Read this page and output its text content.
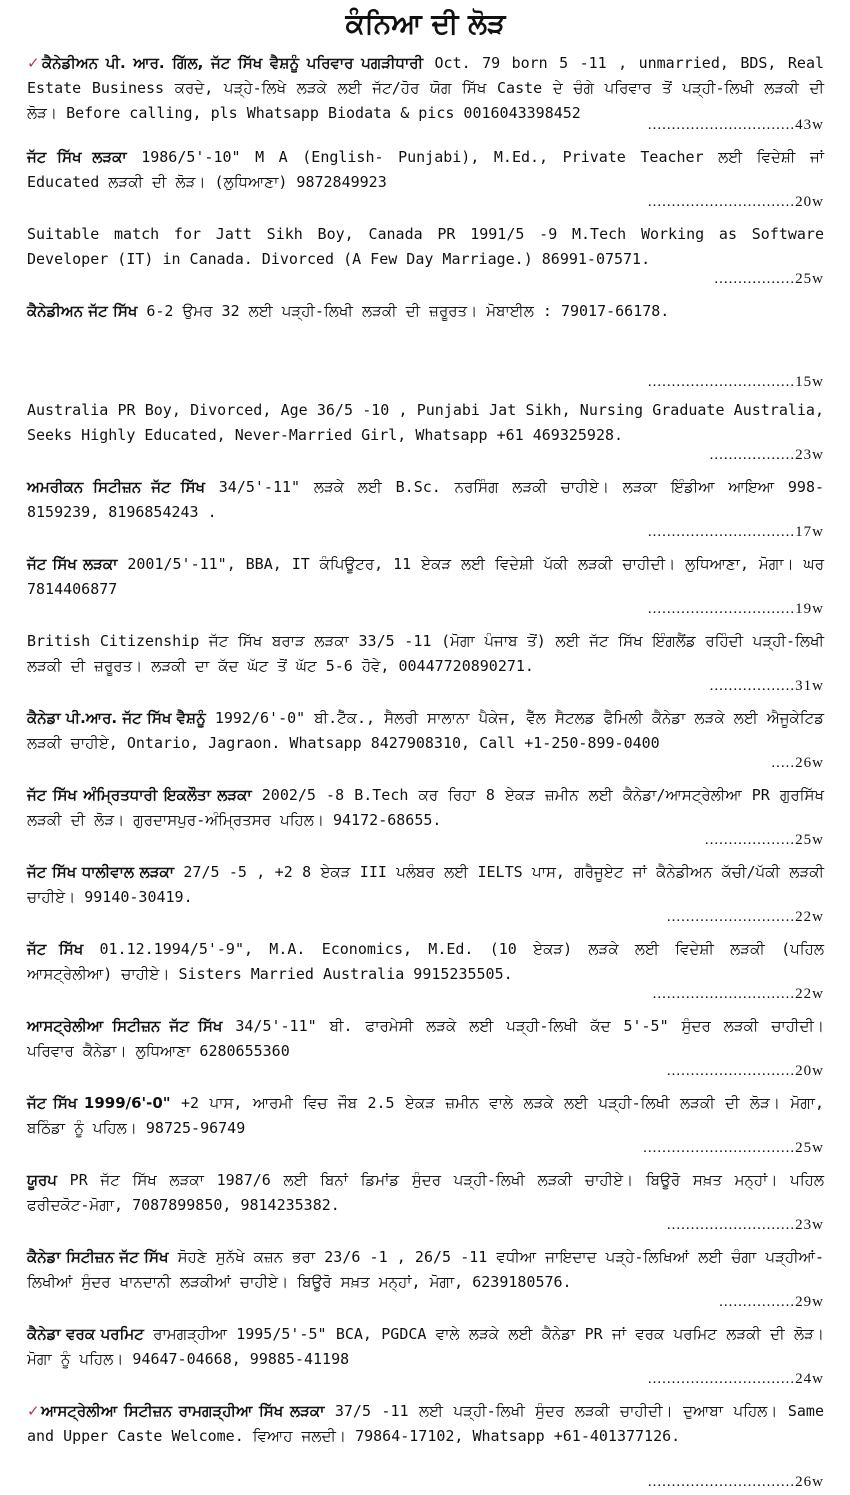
ਕੰਨਿਆ ਦੀ ਲੋੜ

✓ਕੈਨੇਡੀਅਨ ਪੀ. ਆਰ. ਗਿੱਲ, ਜੱਟ ਸਿੱਖ ਵੈਸ਼ਨੂੰ ਪਰਿਵਾਰ ਪਗੜੀਧਾਰੀ Oct. 79 born 5 -11 , unmarried, BDS, Real Estate Business ਕਰਦੇ, ਪੜ੍ਹੇ-ਲਿਖੇ ਲੜਕੇ ਲਈ ਜੱਟ/ਹੋਰ ਯੋਗ ਸਿੱਖ Caste ਦੇ ਚੰਗੇ ਪਰਿਵਾਰ ਤੋਂ ਪੜ੍ਹੀ-ਲਿਖੀ ਲੜਕੀ ਦੀ ਲੋੜ। Before calling, pls Whatsapp Biodata & pics 0016043398452

...............................43w

ਜੱਟ ਸਿੱਖ ਲੜਕਾ 1986/5'-10" M A (English- Punjabi), M.Ed., Private Teacher ਲਈ ਵਿਦੇਸ਼ੀ ਜਾਂ Educated ਲੜਕੀ ਦੀ ਲੋੜ। (ਲੁਧਿਆਣਾ) 9872849923

...............................20w

Suitable match for Jatt Sikh Boy, Canada PR 1991/5 -9 M.Tech Working as Software Developer (IT) in Canada. Divorced (A Few Day Marriage.) 86991-07571.

.................25w

ਕੈਨੇਡੀਅਨ ਜੱਟ ਸਿੱਖ 6-2 ਉਮਰ 32 ਲਈ ਪੜ੍ਹੀ-ਲਿਖੀ ਲੜਕੀ ਦੀ ਜ਼ਰੂਰਤ। ਮੋਬਾਈਲ : 79017-66178.

...............................15w

Australia PR Boy, Divorced, Age 36/5 -10 , Punjabi Jat Sikh, Nursing Graduate Australia, Seeks Highly Educated, Never-Married Girl, Whatsapp +61 469325928.

..................23w

ਅਮਰੀਕਨ ਸਿਟੀਜ਼ਨ ਜੱਟ ਸਿੱਖ 34/5'-11" ਲੜਕੇ ਲਈ B.Sc. ਨਰਸਿੰਗ ਲੜਕੀ ਚਾਹੀਏ। ਲੜਕਾ ਇੰਡੀਆ ਆਇਆ 998-8159239, 8196854243 .

...............................17w

ਜੱਟ ਸਿੱਖ ਲੜਕਾ 2001/5'-11", BBA, IT ਕੰਪਿਊਟਰ, 11 ਏਕੜ ਲਈ ਵਿਦੇਸ਼ੀ ਪੱਕੀ ਲੜਕੀ ਚਾਹੀਦੀ। ਲੁਧਿਆਣਾ, ਮੋਗਾ। ਘਰ 7814406877

...............................19w

British Citizenship ਜੱਟ ਸਿੱਖ ਬਰਾੜ ਲੜਕਾ 33/5 -11 (ਮੋਗਾ ਪੰਜਾਬ ਤੋਂ) ਲਈ ਜੱਟ ਸਿੱਖ ਇੰਗਲੈਂਡ ਰਹਿੰਦੀ ਪੜ੍ਹੀ-ਲਿਖੀ ਲੜਕੀ ਦੀ ਜ਼ਰੂਰਤ। ਲੜਕੀ ਦਾ ਕੱਦ ਘੱਟ ਤੋਂ ਘੱਟ 5-6 ਹੋਵੇ, 00447720890271.

..................31w

ਕੈਨੇਡਾ ਪੀ.ਆਰ. ਜੱਟ ਸਿੱਖ ਵੈਸ਼ਨੂੰ 1992/6'-0" ਬੀ.ਟੈੱਕ., ਸੈਲਰੀ ਸਾਲਾਨਾ ਪੈਕੇਜ, ਵੈੱਲ ਸੈਟਲਡ ਫੈਮਿਲੀ ਕੈਨੇਡਾ ਲੜਕੇ ਲਈ ਐਜੂਕੇਟਿਡ ਲੜਕੀ ਚਾਹੀਏ, Ontario, Jagraon. Whatsapp 8427908310, Call +1-250-899-0400

.....26w

ਜੱਟ ਸਿੱਖ ਅੰਮ੍ਰਿਤਧਾਰੀ ਇਕਲੌਤਾ ਲੜਕਾ 2002/5 -8 B.Tech ਕਰ ਰਿਹਾ 8 ਏਕੜ ਜ਼ਮੀਨ ਲਈ ਕੈਨੇਡਾ/ਆਸਟ੍ਰੇਲੀਆ PR ਗੁਰਸਿੱਖ ਲੜਕੀ ਦੀ ਲੋੜ। ਗੁਰਦਾਸਪੁਰ-ਅੰਮ੍ਰਿਤਸਰ ਪਹਿਲ। 94172-68655.

...................25w

ਜੱਟ ਸਿੱਖ ਧਾਲੀਵਾਲ ਲੜਕਾ 27/5 -5 , +2 8 ਏਕੜ III ਪਲੰਬਰ ਲਈ IELTS ਪਾਸ, ਗਰੈਜੂਏਟ ਜਾਂ ਕੈਨੇਡੀਅਨ ਕੱਚੀ/ਪੱਕੀ ਲੜਕੀ ਚਾਹੀਏ। 99140-30419.

...........................22w

ਜੱਟ ਸਿੱਖ 01.12.1994/5'-9", M.A. Economics, M.Ed. (10 ਏਕੜ) ਲੜਕੇ ਲਈ ਵਿਦੇਸ਼ੀ ਲੜਕੀ (ਪਹਿਲ ਆਸਟ੍ਰੇਲੀਆ) ਚਾਹੀਏ। Sisters Married Australia 9915235505.

..............................22w

ਆਸਟ੍ਰੇਲੀਆ ਸਿਟੀਜ਼ਨ ਜੱਟ ਸਿੱਖ 34/5'-11" ਬੀ. ਫਾਰਮੇਸੀ ਲੜਕੇ ਲਈ ਪੜ੍ਹੀ-ਲਿਖੀ ਕੱਦ 5'-5" ਸੁੰਦਰ ਲੜਕੀ ਚਾਹੀਦੀ। ਪਰਿਵਾਰ ਕੈਨੇਡਾ। ਲੁਧਿਆਣਾ 6280655360

...........................20w

ਜੱਟ ਸਿੱਖ 1999/6'-0" +2 ਪਾਸ, ਆਰਮੀ ਵਿਚ ਜੌਬ 2.5 ਏਕੜ ਜ਼ਮੀਨ ਵਾਲੇ ਲੜਕੇ ਲਈ ਪੜ੍ਹੀ-ਲਿਖੀ ਲੜਕੀ ਦੀ ਲੋੜ। ਮੋਗਾ, ਬਠਿੰਡਾ ਨੂੰ ਪਹਿਲ। 98725-96749

................................25w

ਯੂਰਪ PR ਜੱਟ ਸਿੱਖ ਲੜਕਾ 1987/6 ਲਈ ਬਿਨਾਂ ਡਿਮਾਂਡ ਸੁੰਦਰ ਪੜ੍ਹੀ-ਲਿਖੀ ਲੜਕੀ ਚਾਹੀਏ। ਬਿਊਰੋ ਸਖ਼ਤ ਮਨ੍ਹਾਂ। ਪਹਿਲ ਫਰੀਦਕੋਟ-ਮੋਗਾ, 7087899850, 9814235382.

...........................23w

ਕੈਨੇਡਾ ਸਿਟੀਜ਼ਨ ਜੱਟ ਸਿੱਖ ਸੋਹਣੇ ਸੁਨੱਖੇ ਕਜ਼ਨ ਭਰਾ 23/6 -1 , 26/5 -11 ਵਧੀਆ ਜਾਇਦਾਦ ਪੜ੍ਹੇ-ਲਿਖਿਆਂ ਲਈ ਚੰਗਾ ਪੜ੍ਹੀਆਂ-ਲਿਖੀਆਂ ਸੁੰਦਰ ਖਾਨਦਾਨੀ ਲੜਕੀਆਂ ਚਾਹੀਏ। ਬਿਊਰੋ ਸਖ਼ਤ ਮਨ੍ਹਾਂ, ਮੋਗਾ, 6239180576.

................29w

ਕੈਨੇਡਾ ਵਰਕ ਪਰਮਿਟ ਰਾਮਗੜ੍ਹੀਆ 1995/5'-5" BCA, PGDCA ਵਾਲੇ ਲੜਕੇ ਲਈ ਕੈਨੇਡਾ PR ਜਾਂ ਵਰਕ ਪਰਮਿਟ ਲੜਕੀ ਦੀ ਲੋੜ। ਮੋਗਾ ਨੂੰ ਪਹਿਲ। 94647-04668, 99885-41198

...............................24w

✓ਆਸਟ੍ਰੇਲੀਆ ਸਿਟੀਜ਼ਨ ਰਾਮਗੜ੍ਹੀਆ ਸਿੱਖ ਲੜਕਾ 37/5 -11 ਲਈ ਪੜ੍ਹੀ-ਲਿਖੀ ਸੁੰਦਰ ਲੜਕੀ ਚਾਹੀਦੀ। ਦੁਆਬਾ ਪਹਿਲ। Same and Upper Caste Welcome. ਵਿਆਹ ਜਲਦੀ। 79864-17102, Whatsapp +61-401377126.

...............................26w
